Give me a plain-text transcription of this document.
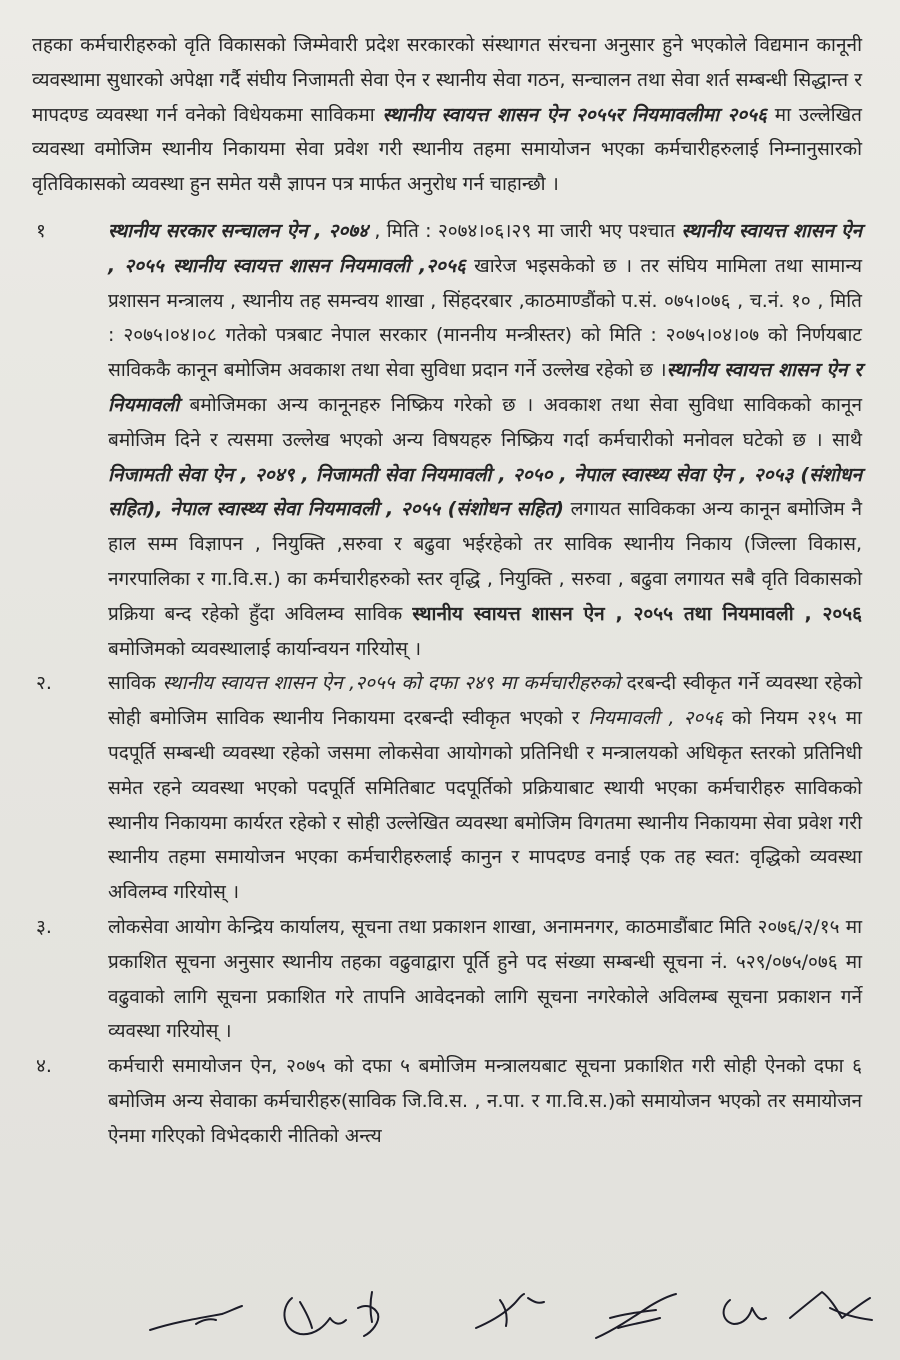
तहका कर्मचारीहरुको वृति विकासको जिम्मेवारी प्रदेश सरकारको संस्थागत संरचना अनुसार हुने भएकोले विद्यमान कानूनी व्यवस्थामा सुधारको अपेक्षा गर्दै संघीय निजामती सेवा ऐन र स्थानीय सेवा गठन, सन्चालन तथा सेवा शर्त सम्बन्धी सिद्धान्त र मापदण्ड व्यवस्था गर्न वनेको विधेयकमा साविकमा स्थानीय स्वायत्त शासन ऐन २०५५र नियमावलीमा २०५६ मा उल्लेखित व्यवस्था वमोजिम स्थानीय निकायमा सेवा प्रवेश गरी स्थानीय तहमा समायोजन भएका कर्मचारीहरुलाई निम्नानुसारको वृतिविकासको व्यवस्था हुन समेत यसै ज्ञापन पत्र मार्फत अनुरोध गर्न चाहान्छौ ।

१	स्थानीय सरकार सन्चालन ऐन , २०७४ , मिति : २०७४।०६।२९ मा जारी भए पश्चात स्थानीय स्वायत्त शासन ऐन , २०५५ स्थानीय स्वायत्त शासन नियमावली ,२०५६ खारेज भइसकेको छ । तर संघिय मामिला तथा सामान्य प्रशासन मन्त्रालय , स्थानीय तह समन्वय शाखा , सिंहदरबार ,काठमाण्डौंको प.सं. ०७५।०७६ , च.नं. १० , मिति : २०७५।०४।०८ गतेको पत्रबाट नेपाल सरकार (माननीय मन्त्रीस्तर) को मिति : २०७५।०४।०७ को निर्णयबाट साविककै कानून बमोजिम अवकाश तथा सेवा सुविधा प्रदान गर्ने उल्लेख रहेको छ ।स्थानीय स्वायत्त शासन ऐन र नियमावली बमोजिमका अन्य कानूनहरु निष्क्रिय गरेको छ । अवकाश तथा सेवा सुविधा साविकको कानून बमोजिम दिने र त्यसमा उल्लेख भएको अन्य विषयहरु निष्क्रिय गर्दा कर्मचारीको मनोवल घटेको छ । साथै निजामती सेवा ऐन , २०४९ , निजामती सेवा नियमावली , २०५० , नेपाल स्वास्थ्य सेवा ऐन , २०५३ (संशोधन सहित), नेपाल स्वास्थ्य सेवा नियमावली , २०५५ (संशोधन सहित) लगायत साविकका अन्य कानून बमोजिम नै हाल सम्म विज्ञापन , नियुक्ति ,सरुवा र बढुवा भईरहेको तर साविक स्थानीय निकाय (जिल्ला विकास, नगरपालिका र गा.वि.स.) का कर्मचारीहरुको स्तर वृद्धि , नियुक्ति , सरुवा , बढुवा लगायत सबै वृति विकासको प्रक्रिया बन्द रहेको हुँदा अविलम्व साविक स्थानीय स्वायत्त शासन ऐन , २०५५ तथा नियमावली , २०५६ बमोजिमको व्यवस्थालाई कार्यान्वयन गरियोस् ।
२.	साविक स्थानीय स्वायत्त शासन ऐन ,२०५५ को दफा २४९ मा कर्मचारीहरुको दरबन्दी स्वीकृत गर्ने व्यवस्था रहेको सोही बमोजिम साविक स्थानीय निकायमा दरबन्दी स्वीकृत भएको र नियमावली , २०५६ को नियम २१५ मा पदपूर्ति सम्बन्धी व्यवस्था रहेको जसमा लोकसेवा आयोगको प्रतिनिधी र मन्त्रालयको अधिकृत स्तरको प्रतिनिधी समेत रहने व्यवस्था भएको पदपूर्ति समितिबाट पदपूर्तिको प्रक्रियाबाट स्थायी भएका कर्मचारीहरु साविकको स्थानीय निकायमा कार्यरत रहेको र सोही उल्लेखित व्यवस्था बमोजिम विगतमा स्थानीय निकायमा सेवा प्रवेश गरी स्थानीय तहमा समायोजन भएका कर्मचारीहरुलाई कानुन र मापदण्ड वनाई एक तह स्वत: वृद्धिको व्यवस्था अविलम्व गरियोस् ।
३.	लोकसेवा आयोग केन्द्रिय कार्यालय, सूचना तथा प्रकाशन शाखा, अनामनगर, काठमाडौंबाट मिति २०७६/२/१५ मा प्रकाशित सूचना अनुसार स्थानीय तहका वढुवाद्वारा पूर्ति हुने पद संख्या सम्बन्धी सूचना नं. ५२९/०७५/०७६ मा वढुवाको लागि सूचना प्रकाशित गरे तापनि आवेदनको लागि सूचना नगरेकोले अविलम्ब सूचना प्रकाशन गर्ने व्यवस्था गरियोस् ।
४.	कर्मचारी समायोजन ऐन, २०७५ को दफा ५ बमोजिम मन्त्रालयबाट सूचना प्रकाशित गरी सोही ऐनको दफा ६ बमोजिम अन्य सेवाका कर्मचारीहरु(साविक जि.वि.स. , न.पा. र गा.वि.स.)को समायोजन भएको तर समायोजन ऐनमा गरिएको विभेदकारी नीतिको अन्त्य
